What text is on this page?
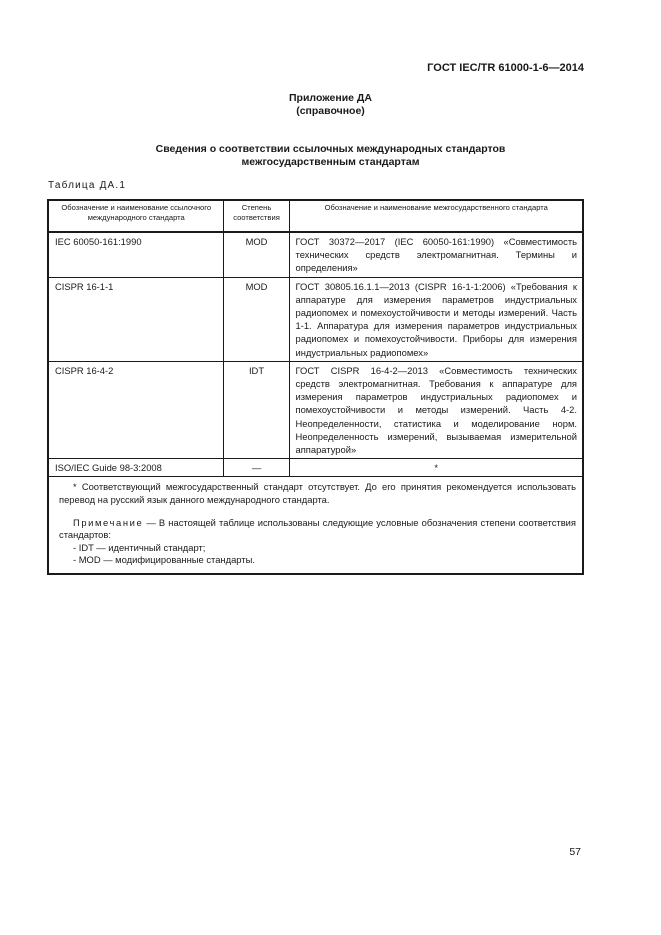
ГОСТ IEC/TR 61000-1-6—2014
Приложение ДА
(справочное)
Сведения о соответствии ссылочных международных стандартов
межгосударственным стандартам
Таблица ДА.1
Обозначение и наименование ссылочного международного стандарта	Степень соответствия	Обозначение и наименование межгосударственного стандарта
IEC 60050-161:1990	MOD	ГОСТ 30372—2017 (IEC 60050-161:1990) «Совместимость технических средств электромагнитная. Термины и определения»
CISPR 16-1-1	MOD	ГОСТ 30805.16.1.1—2013 (CISPR 16-1-1:2006) «Требования к аппаратуре для измерения параметров индустриальных радиопомех и помехоустойчивости и методы измерений. Часть 1-1. Аппаратура для измерения параметров индустриальных радиопомех и помехоустойчивости. Приборы для измерения индустриальных радиопомех»
CISPR 16-4-2	IDT	ГОСТ CISPR 16-4-2—2013 «Совместимость технических средств электромагнитная. Требования к аппаратуре для измерения параметров индустриальных радиопомех и помехоустойчивости и методы измерений. Часть 4-2. Неопределенности, статистика и моделирование норм. Неопределенность измерений, вызываемая измерительной аппаратурой»
ISO/IEC Guide 98-3:2008	—	*

* Соответствующий межгосударственный стандарт отсутствует. До его принятия рекомендуется использовать перевод на русский язык данного международного стандарта.

Примечание — В настоящей таблице использованы следующие условные обозначения степени соответствия стандартов:

- IDT — идентичный стандарт;

- MOD — модифицированные стандарты.		

57
